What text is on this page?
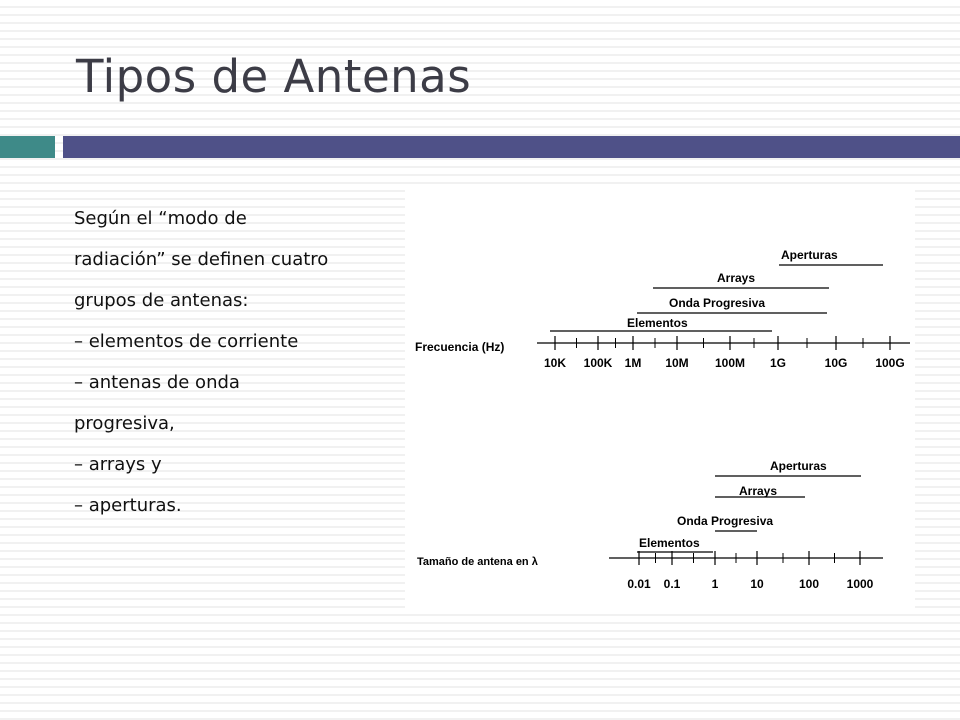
Tipos de Antenas

Según el “modo de

radiación” se definen cuatro

grupos de antenas:

– elementos de corriente

– antenas de onda

progresiva,

– arrays y

– aperturas.

Frecuencia (Hz)
10K 100K 1M 10M 100M 1G	10G 100G
Aperturas
Arrays
Onda Progresiva
Elementos
Tamaño de antena en λ
0.01 0.1	1	10	100 1000
Aperturas
Arrays
Onda Progresiva
Elementos
